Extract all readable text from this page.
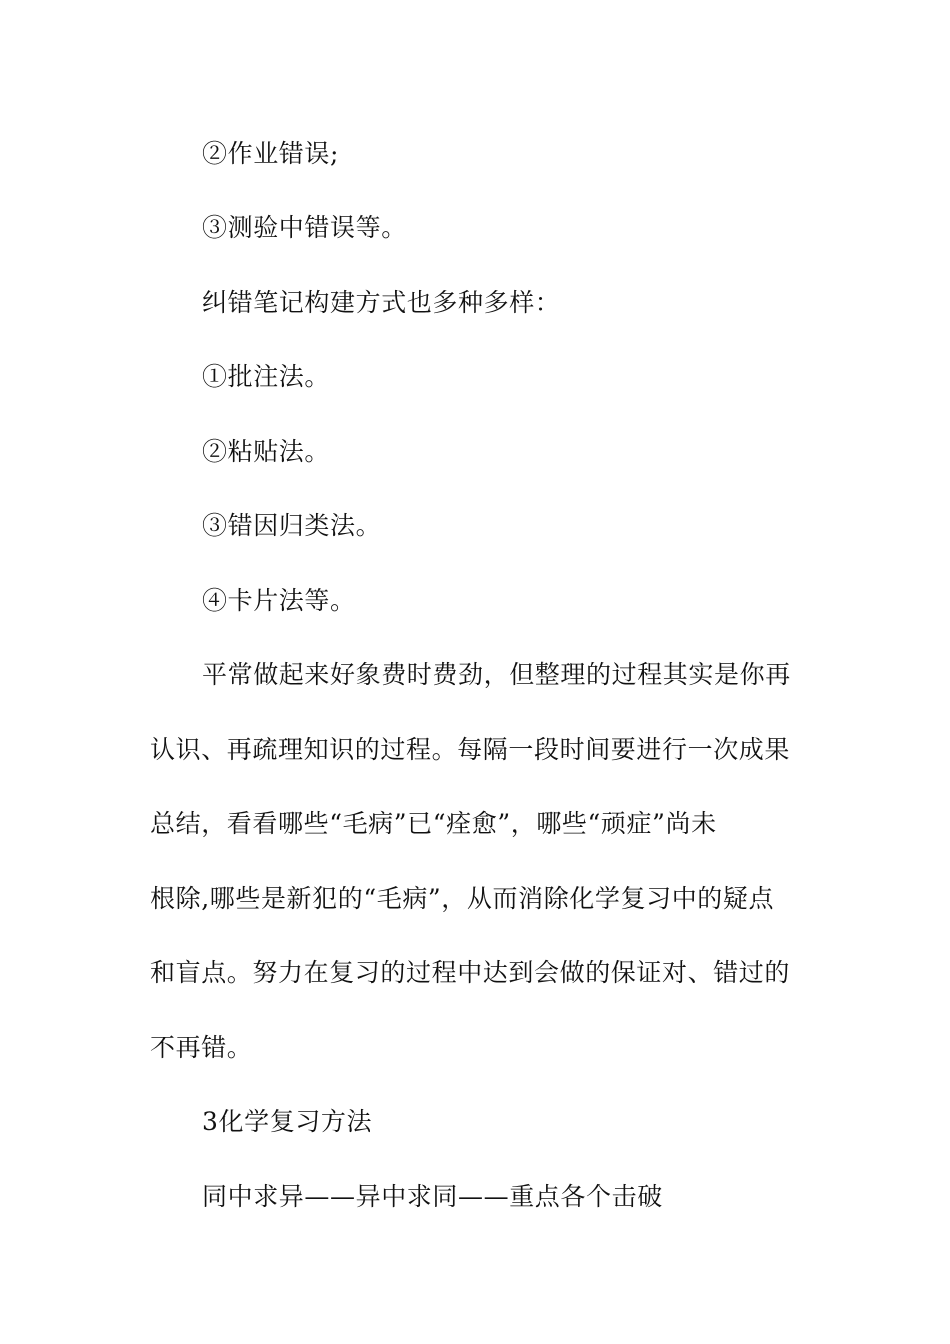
②作业错误;
③测验中错误等。
纠错笔记构建方式也多种多样：
①批注法。
②粘贴法。
③错因归类法。
④卡片法等。
平常做起来好象费时费劲，但整理的过程其实是你再
认识、再疏理知识的过程。每隔一段时间要进行一次成果
总结，看看哪些“毛病”已“痊愈”，哪些“顽症”尚未
根除,哪些是新犯的“毛病”，从而消除化学复习中的疑点
和盲点。努力在复习的过程中达到会做的保证对、错过的
不再错。
3化学复习方法
同中求异——异中求同——重点各个击破
